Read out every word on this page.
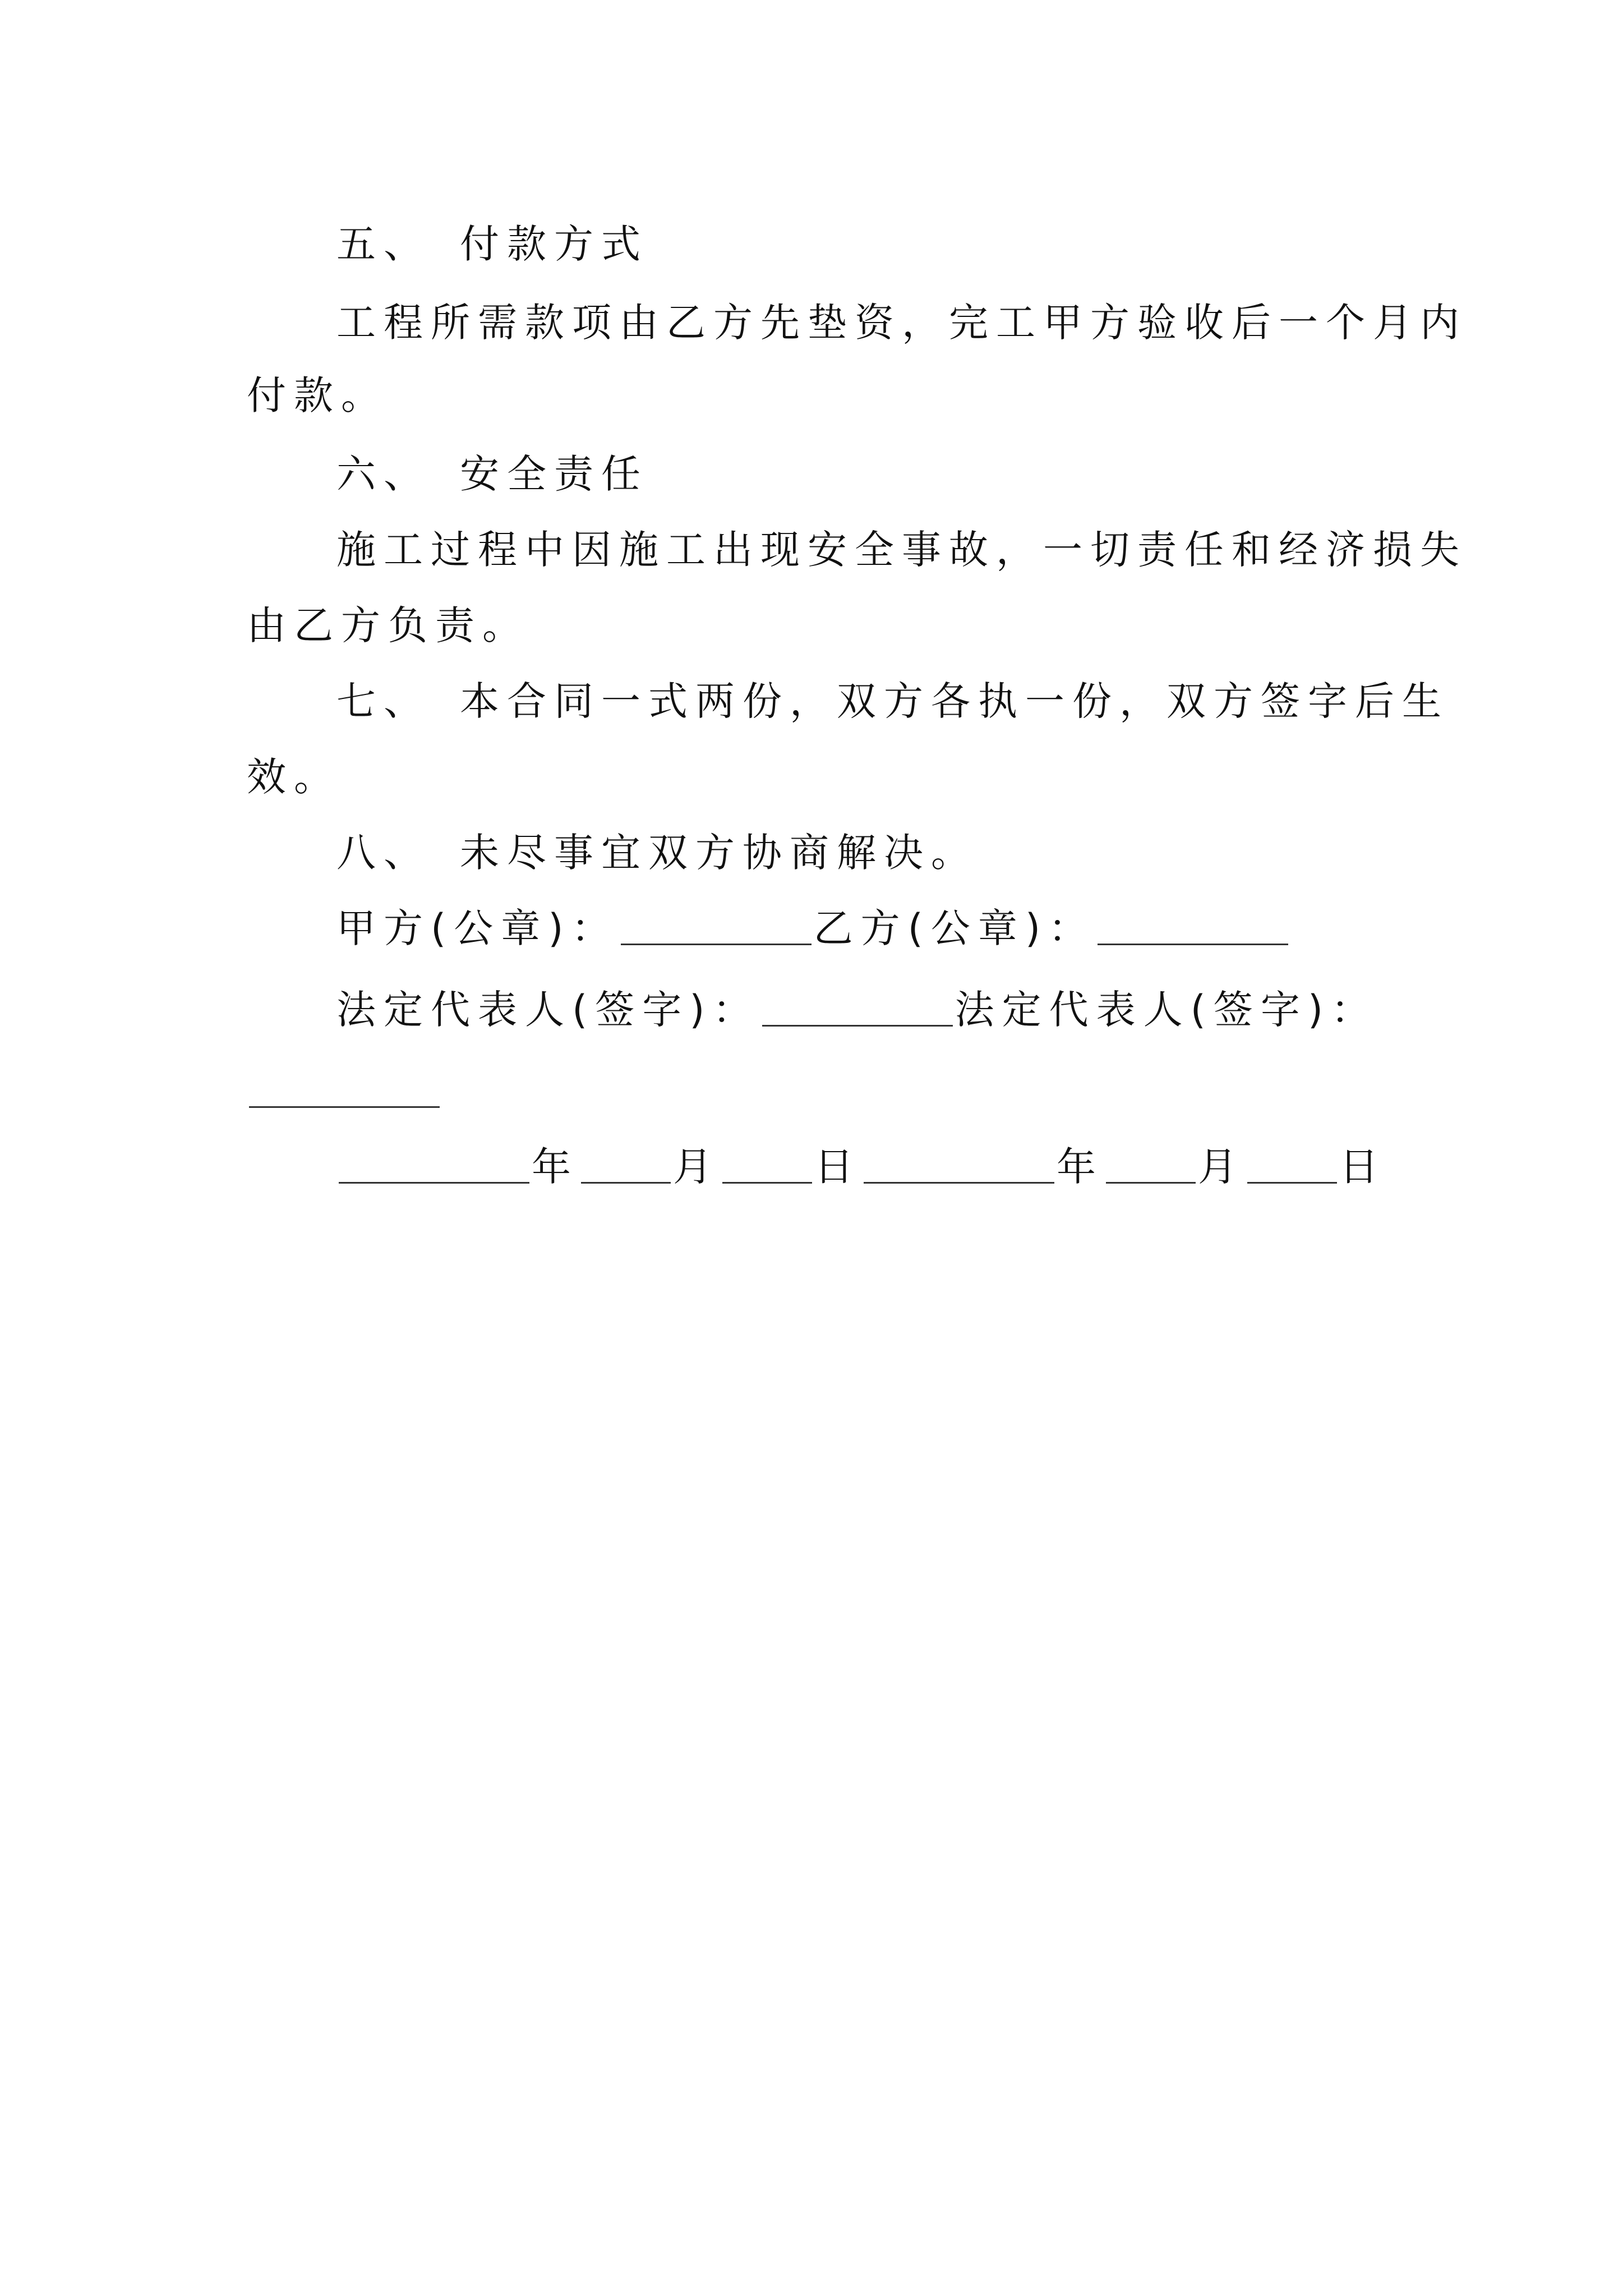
五、 付款方式
工程所需款项由乙方先垫资，完工甲方验收后一个月内
付款。
六、 安全责任
施工过程中因施工出现安全事故，一切责任和经济损失
由乙方负责。
七、 本合同一式两份，双方各执一份，双方签字后生
效。
八、 未尽事宜双方协商解决。
甲方(公章)：	乙方(公章)：
法定代表人(签字)：	法定代表人(签字)：
年 月 日	年 月 日
